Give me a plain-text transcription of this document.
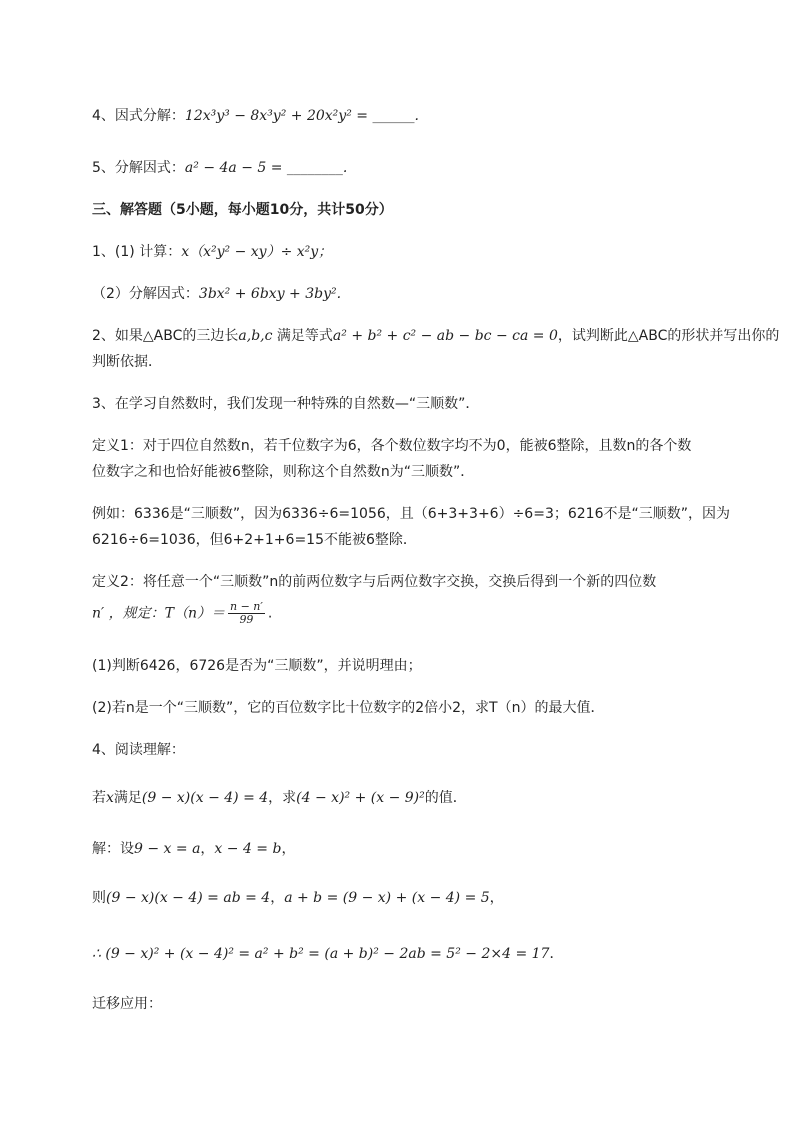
4、因式分解：12x³y³ − 8x³y² + 20x²y² = ______.
5、分解因式：a² − 4a − 5 = ________.
三、解答题（5小题，每小题10分，共计50分）
1、(1) 计算：x（x²y² − xy）÷ x²y；
（2）分解因式：3bx² + 6bxy + 3by².
2、如果△ABC的三边长a,b,c 满足等式a² + b² + c² − ab − bc − ca = 0，试判断此△ABC的形状并写出你的
判断依据．
3、在学习自然数时，我们发现一种特殊的自然数—“三顺数”．
定义1：对于四位自然数n，若千位数字为6，各个数位数字均不为0，能被6整除，且数n的各个数
位数字之和也恰好能被6整除，则称这个自然数n为“三顺数”．
例如：6336是“三顺数”，因为6336÷6=1056，且（6+3+3+6）÷6=3；6216不是“三顺数”，因为
6216÷6=1036，但6+2+1+6=15不能被6整除．
定义2：将任意一个“三顺数”n的前两位数字与后两位数字交换，交换后得到一个新的四位数
n′ ，规定：$T(n)= \frac{n - n'}{99}$ .
(1)判断6426，6726是否为“三顺数”，并说明理由；
(2)若n是一个“三顺数”，它的百位数字比十位数字的2倍小2，求T（n）的最大值．
4、阅读理解：
若x满足(9 − x)(x − 4) = 4，求(4 − x)² + (x − 9)²的值．
解：设9 − x = a，x − 4 = b，
则(9 − x)(x − 4) = ab = 4，a + b = (9 − x) + (x − 4) = 5，
∴ (9 − x)² + (x − 4)² = a² + b² = (a + b)² − 2ab = 5² − 2×4 = 17．
迁移应用：
